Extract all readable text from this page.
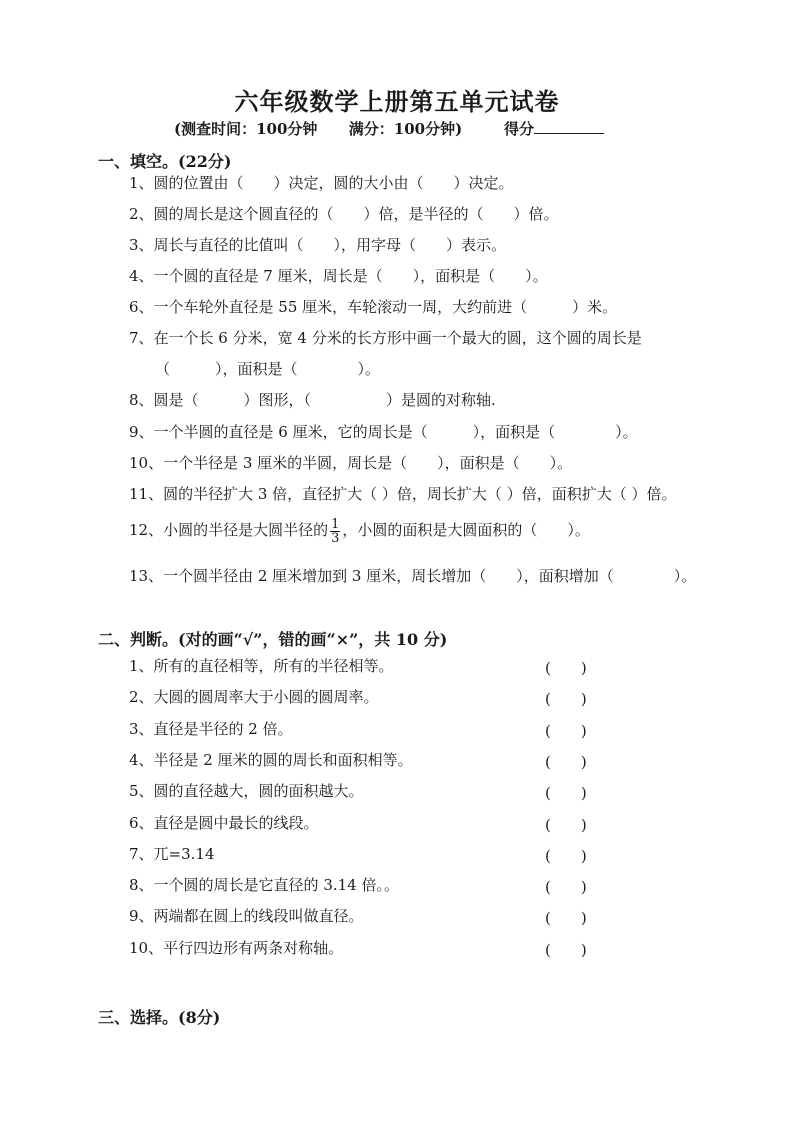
六年级数学上册第五单元试卷
(测查时间：100分钟 满分：100分钟)	得分
一、填空。(22分)
1、圆的位置由（　　）决定，圆的大小由（　　）决定。
2、圆的周长是这个圆直径的（　　）倍，是半径的（　　）倍。
3、周长与直径的比值叫（　　），用字母（　　）表示。
4、一个圆的直径是 7 厘米，周长是（　　），面积是（　　）。
6、一个车轮外直径是 55 厘米，车轮滚动一周，大约前进（　　　）米。
7、在一个长 6 分米，宽 4 分米的长方形中画一个最大的圆，这个圆的周长是
（　　　），面积是（　　　　）。
8、圆是（　　　）图形，（　　　　　）是圆的对称轴.
9、一个半圆的直径是 6 厘米，它的周长是（　　　），面积是（　　　　）。
10、一个半径是 3 厘米的半圆，周长是（　　），面积是（　　）。
11、圆的半径扩大 3 倍，直径扩大（ ）倍，周长扩大（ ）倍，面积扩大（ ）倍。
12、小圆的半径是大圆半径的 $\frac{1}{3}$ ，小圆的面积是大圆面积的（　　）。
13、一个圆半径由 2 厘米增加到 3 厘米，周长增加（　　），面积增加（　　　　）。
二、判断。(对的画“√”，错的画“×”，共 10 分)
1、所有的直径相等，所有的半径相等。	(　　)
2、大圆的圆周率大于小圆的圆周率。	(　　)
3、直径是半径的 2 倍。	(　　)
4、半径是 2 厘米的圆的周长和面积相等。	(　　)
5、圆的直径越大，圆的面积越大。	(　　)
6、直径是圆中最长的线段。	(　　)
7、兀=3.14	(　　)
8、一个圆的周长是它直径的 3.14 倍。。	(　　)
9、两端都在圆上的线段叫做直径。	(　　)
10、平行四边形有两条对称轴。	(　　)
三、选择。(8分)
